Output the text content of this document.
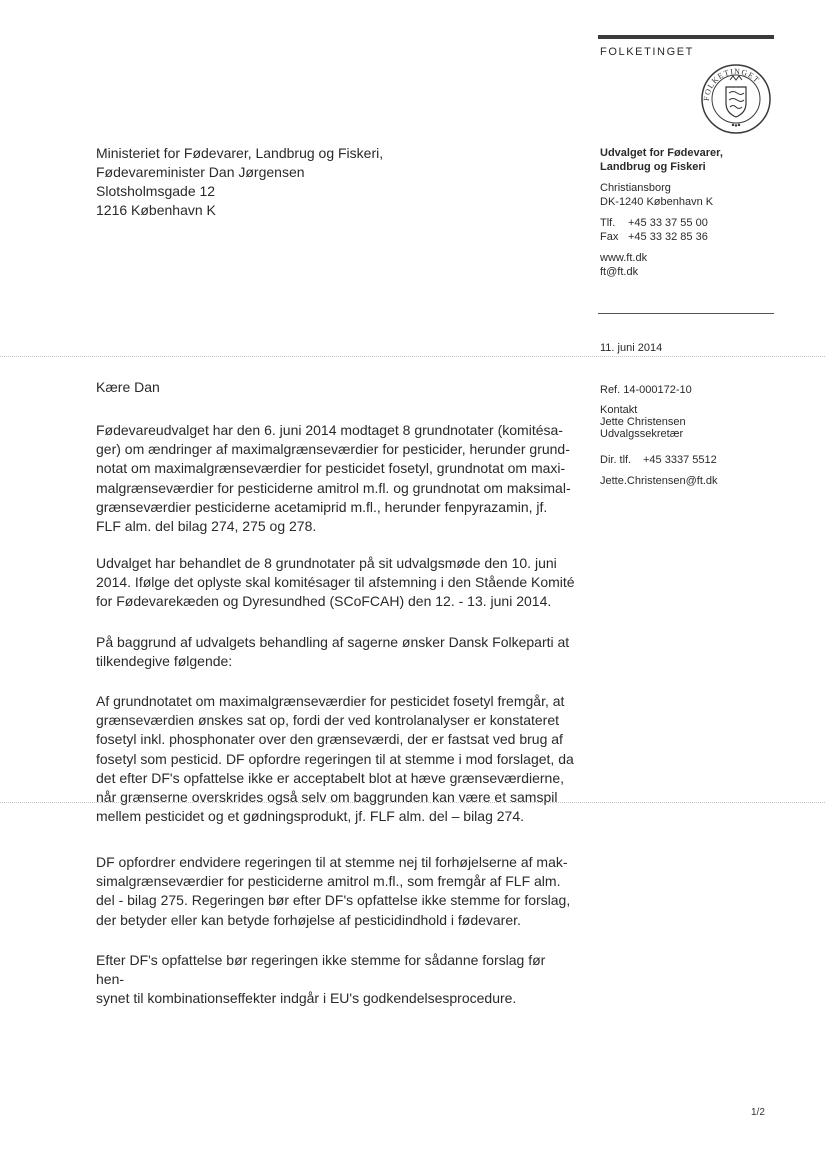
FOLKETINGET
FOLKETINGET
Ministeriet for Fødevarer, Landbrug og Fiskeri,
Fødevareminister Dan Jørgensen
Slotsholmsgade 12
1216 København K
Udvalget for Fødevarer,
Landbrug og Fiskeri
Christiansborg
DK-1240 København K
Tlf. +45 33 37 55 00
Fax +45 33 32 85 36
www.ft.dk
ft@ft.dk
11. juni 2014
Ref. 14-000172-10
Kontakt
Jette Christensen
Udvalgssekretær
Dir. tlf. +45 3337 5512
Jette.Christensen@ft.dk
Kære Dan

Fødevareudvalget har den 6. juni 2014 modtaget 8 grundnotater (komitésa-

ger) om ændringer af maximalgrænseværdier for pesticider, herunder grund-

notat om maximalgrænseværdier for pesticidet fosetyl, grundnotat om maxi-

malgrænseværdier for pesticiderne amitrol m.fl. og grundnotat om maksimal-

grænseværdier pesticiderne acetamiprid m.fl., herunder fenpyrazamin, jf.

FLF alm. del bilag 274, 275 og 278.

Udvalget har behandlet de 8 grundnotater på sit udvalgsmøde den 10. juni

2014. Ifølge det oplyste skal komitésager til afstemning i den Stående Komité

for Fødevarekæden og Dyresundhed (SCoFCAH) den 12. - 13. juni 2014.

På baggrund af udvalgets behandling af sagerne ønsker Dansk Folkeparti at

tilkendegive følgende:

Af grundnotatet om maximalgrænseværdier for pesticidet fosetyl fremgår, at

grænseværdien ønskes sat op, fordi der ved kontrolanalyser er konstateret

fosetyl inkl. phosphonater over den grænseværdi, der er fastsat ved brug af

fosetyl som pesticid. DF opfordre regeringen til at stemme i mod forslaget, da

det efter DF's opfattelse ikke er acceptabelt blot at hæve grænseværdierne,

når grænserne overskrides også selv om baggrunden kan være et samspil

mellem pesticidet og et gødningsprodukt, jf. FLF alm. del – bilag 274.

DF opfordrer endvidere regeringen til at stemme nej til forhøjelserne af mak-

simalgrænseværdier for pesticiderne amitrol m.fl., som fremgår af FLF alm.

del - bilag 275. Regeringen bør efter DF's opfattelse ikke stemme for forslag,

der betyder eller kan betyde forhøjelse af pesticidindhold i fødevarer.

Efter DF's opfattelse bør regeringen ikke stemme for sådanne forslag før hen-

synet til kombinationseffekter indgår i EU's godkendelsesprocedure.

1/2
